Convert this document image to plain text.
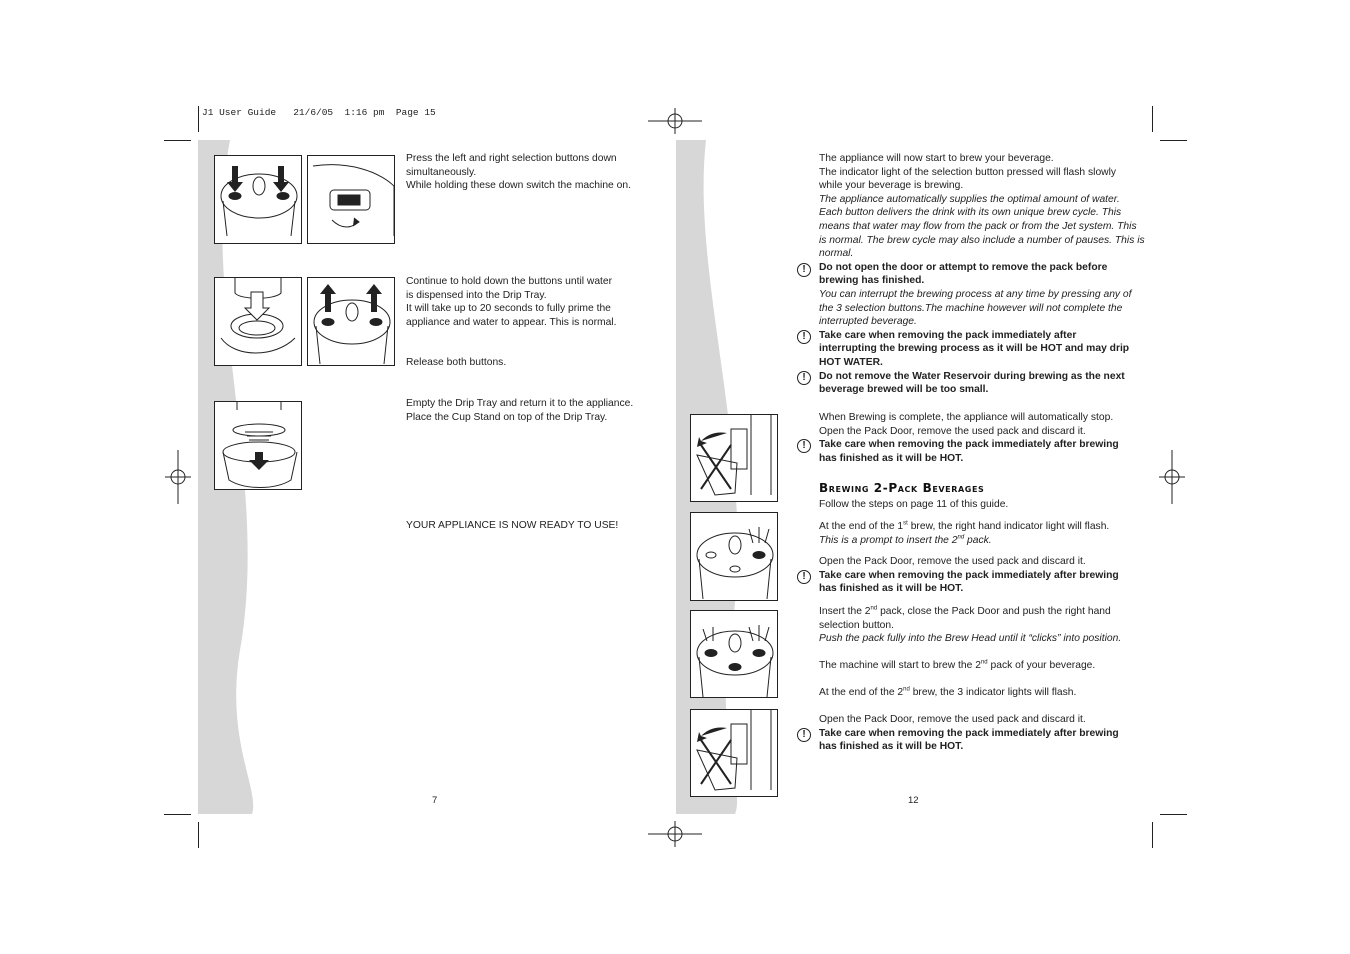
J1 User Guide   21/6/05  1:16 pm  Page 15

Press the left and right selection buttons down

simultaneously.

While holding these down switch the machine on.

Continue to hold down the buttons until water

is dispensed into the Drip Tray.

It will take up to 20 seconds to fully prime the

appliance and water to appear. This is normal.

Release both buttons.

Empty the Drip Tray and return it to the appliance.

Place the Cup Stand on top of the Drip Tray.

YOUR APPLIANCE IS NOW READY TO USE!

7

The appliance will now start to brew your beverage.

The indicator light of the selection button pressed will flash slowly

while your beverage is brewing.

The appliance automatically supplies the optimal amount of water.

Each button delivers the drink with its own unique brew cycle. This

means that water may flow from the pack or from the Jet system. This

is normal. The brew cycle may also include a number of pauses. This is

normal.

Do not open the door or attempt to remove the pack before

brewing has finished.

You can interrupt the brewing process at any time by pressing any of

the 3 selection buttons.The machine however will not complete the

interrupted beverage.

Take care when removing the pack immediately after

interrupting the brewing process as it will be HOT and may drip

HOT WATER.

Do not remove the Water Reservoir during brewing as the next

beverage brewed will be too small.

When Brewing is complete, the appliance will automatically stop.

Open the Pack Door, remove the used pack and discard it.

Take care when removing the pack immediately after brewing

has finished as it will be HOT.

Brewing 2-Pack Beverages

Follow the steps on page 11 of this guide.

At the end of the 1st brew, the right hand indicator light will flash.

This is a prompt to insert the 2nd pack.

Open the Pack Door, remove the used pack and discard it.

Take care when removing the pack immediately after brewing

has finished as it will be HOT.

Insert the 2nd pack, close the Pack Door and push the right hand

selection button.

Push the pack fully into the Brew Head until it “clicks” into position.

The machine will start to brew the 2nd pack of your beverage.

At the end of the 2nd brew, the 3 indicator lights will flash.

Open the Pack Door, remove the used pack and discard it.

Take care when removing the pack immediately after brewing

has finished as it will be HOT.

!
!
!
!
!
!
12
